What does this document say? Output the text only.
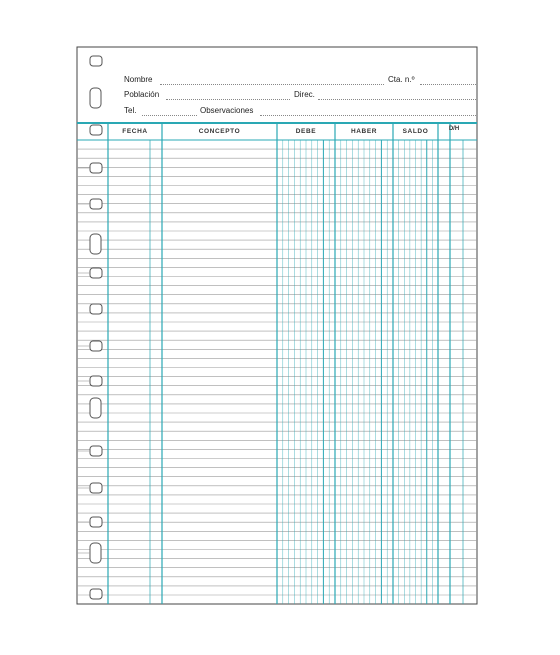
Nombre	Cta. n.º
Población	Direc.
Tel.	Observaciones
FECHA	CONCEPTO	DEBE	HABER	SALDO	D/H
